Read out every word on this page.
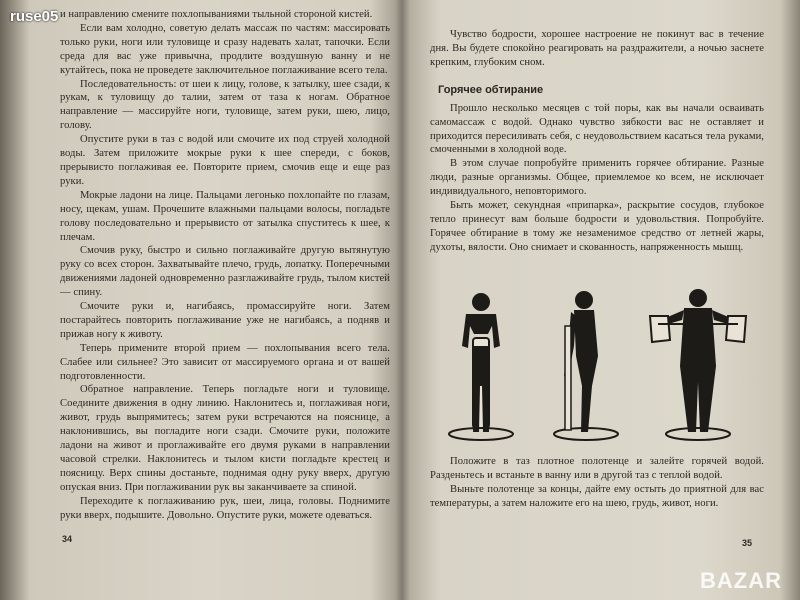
ruse05 и направлению смените похлопываниями тыльной стороной кистей.

Если вам холодно, советую делать массаж по частям: массировать только руки, ноги или туловище и сразу надевать халат, тапочки. Если среда для вас уже привычна, продлите воздушную ванну и не кутайтесь, пока не проведете заключительное поглаживание всего тела.

Последовательность: от шеи к лицу, голове, к затылку, шее сзади, к рукам, к туловищу до талии, затем от таза к ногам. Обратное направление — массируйте ноги, туловище, затем руки, шею, лицо, голову.

Опустите руки в таз с водой или смочите их под струей холодной воды. Затем приложите мокрые руки к шее спереди, с боков, прерывисто поглаживая ее. Повторите прием, смочив еще и еще раз руки.

Мокрые ладони на лице. Пальцами легонько похлопайте по глазам, носу, щекам, ушам. Прочешите влажными пальцами волосы, погладьте голову последовательно и прерывисто от затылка спуститесь к шее, к плечам.

Смочив руку, быстро и сильно поглаживайте другую вытянутую руку со всех сторон. Захватывайте плечо, грудь, лопатку. Поперечными движениями ладоней одновременно разглаживайте грудь, тылом кистей — спину.

Смочите руки и, нагибаясь, промассируйте ноги. Затем постарайтесь повторить поглаживание уже не нагибаясь, а подняв и прижав ногу к животу.

Теперь примените второй прием — похлопывания всего тела. Слабее или сильнее? Это зависит от массируемого органа и от вашей подготовленности.

Обратное направление. Теперь погладьте ноги и туловище. Соедините движения в одну линию. Наклонитесь и, поглаживая ноги, живот, грудь выпрямитесь; затем руки встречаются на пояснице, а наклонившись, вы погладите ноги сзади. Смочите руки, положите ладони на живот и проглаживайте его двумя руками в направлении часовой стрелки. Наклонитесь и тылом кисти погладьте крестец и поясницу. Верх спины достаньте, поднимая одну руку вверх, другую опуская вниз. При поглаживании рук вы заканчиваете за спиной.

Переходите к поглаживанию рук, шеи, лица, головы. Поднимите руки вверх, подышите. Довольно. Опустите руки, можете одеваться.

34

Чувство бодрости, хорошее настроение не покинут вас в течение дня. Вы будете спокойно реагировать на раздражители, а ночью заснете крепким, глубоким сном.

Горячее обтирание

Прошло несколько месяцев с той поры, как вы начали осваивать самомассаж с водой. Однако чувство зябкости вас не оставляет и приходится пересиливать себя, с неудовольствием касаться тела руками, смоченными в холодной воде.

В этом случае попробуйте применить горячее обтирание. Разные люди, разные организмы. Общее, приемлемое ко всем, не исключает индивидуального, неповторимого.

Быть может, секундная «припарка», раскрытие сосудов, глубокое тепло принесут вам больше бодрости и удовольствия. Попробуйте. Горячее обтирание в тому же незаменимое средство от летней жары, духоты, вялости. Оно снимает и скованность, напряженность мышц.

Положите в таз плотное полотенце и залейте горячей водой. Разденьтесь и встаньте в ванну или в другой таз с теплой водой.

Выньте полотенце за концы, дайте ему остыть до приятной для вас температуры, а затем наложите его на шею, грудь, живот, ноги.

35
BAZAR
